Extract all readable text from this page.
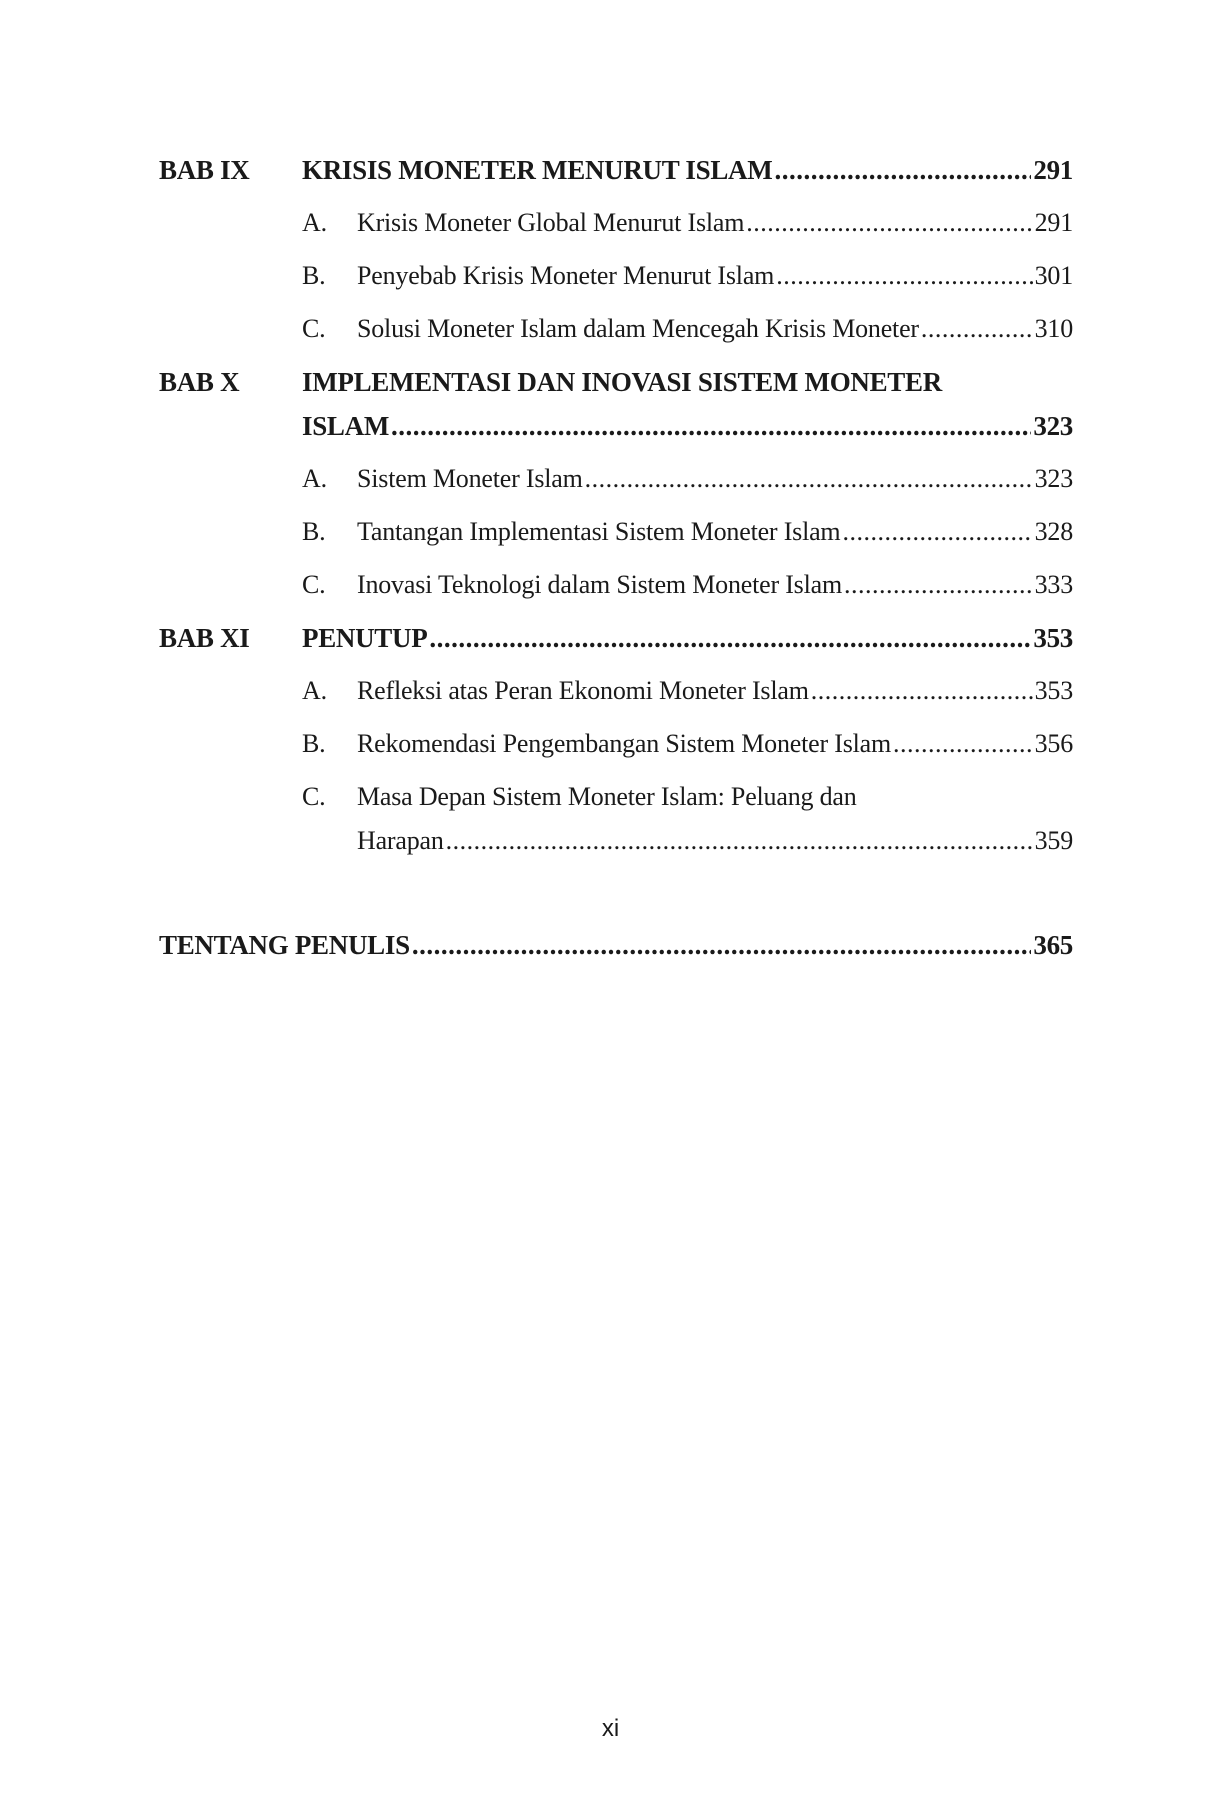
BAB IX	KRISIS MONETER MENURUT ISLAM .....	291
A.	Krisis Moneter Global Menurut Islam .....	291
B.	Penyebab Krisis Moneter Menurut Islam .....	301
C.	Solusi Moneter Islam dalam Mencegah Krisis Moneter .....	310
BAB X	IMPLEMENTASI DAN INOVASI SISTEM MONETER
ISLAM .....	323
A.	Sistem Moneter Islam .....	323
B.	Tantangan Implementasi Sistem Moneter Islam .....	328
C.	Inovasi Teknologi dalam Sistem Moneter Islam .....	333
BAB XI	PENUTUP .....	353
A.	Refleksi atas Peran Ekonomi Moneter Islam .....	353
B.	Rekomendasi Pengembangan Sistem Moneter Islam .....	356
C.	Masa Depan Sistem Moneter Islam: Peluang dan
Harapan .....	359
TENTANG PENULIS .....	365
xi
